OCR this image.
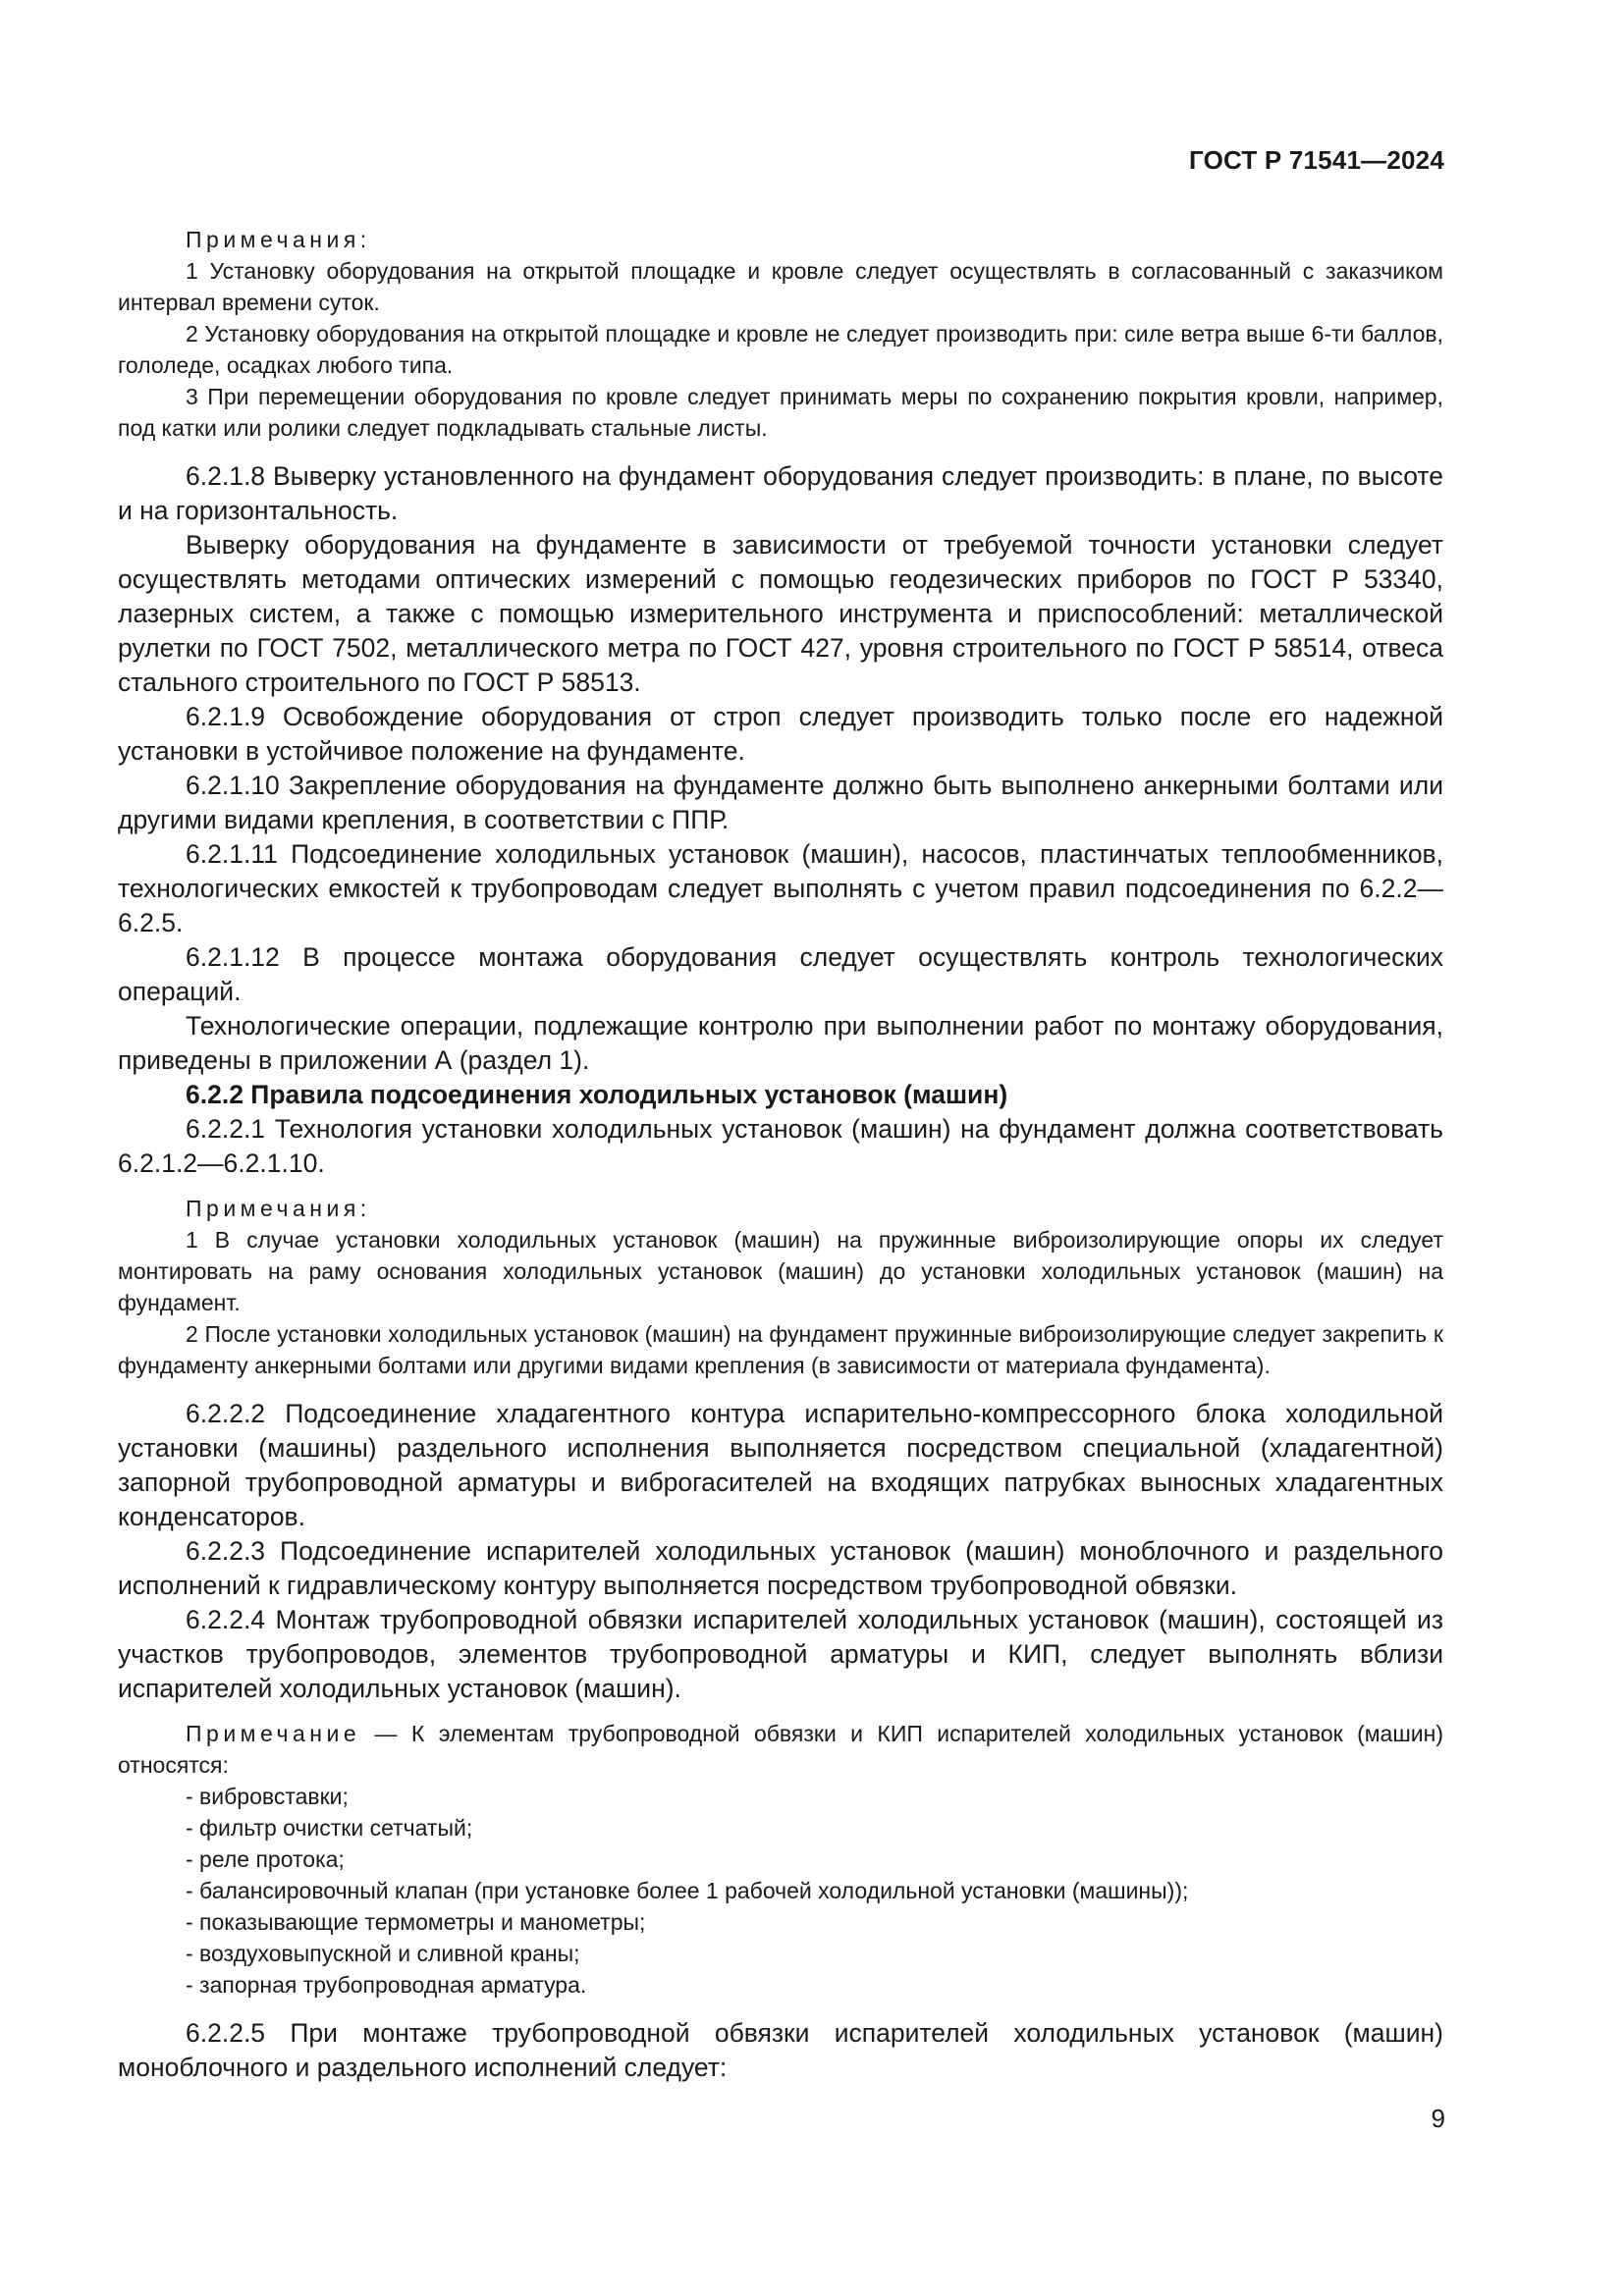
ГОСТ Р 71541—2024

Примечания:

1 Установку оборудования на открытой площадке и кровле следует осуществлять в согласованный с заказчиком интервал времени суток.

2 Установку оборудования на открытой площадке и кровле не следует производить при: силе ветра выше 6-ти баллов, гололеде, осадках любого типа.

3 При перемещении оборудования по кровле следует принимать меры по сохранению покрытия кровли, например, под катки или ролики следует подкладывать стальные листы.

6.2.1.8 Выверку установленного на фундамент оборудования следует производить: в плане, по высоте и на горизонтальность.

Выверку оборудования на фундаменте в зависимости от требуемой точности установки следует осуществлять методами оптических измерений с помощью геодезических приборов по ГОСТ Р 53340, лазерных систем, а также с помощью измерительного инструмента и приспособлений: металлической рулетки по ГОСТ 7502, металлического метра по ГОСТ 427, уровня строительного по ГОСТ Р 58514, отвеса стального строительного по ГОСТ Р 58513.

6.2.1.9 Освобождение оборудования от строп следует производить только после его надежной установки в устойчивое положение на фундаменте.

6.2.1.10 Закрепление оборудования на фундаменте должно быть выполнено анкерными болтами или другими видами крепления, в соответствии с ППР.

6.2.1.11 Подсоединение холодильных установок (машин), насосов, пластинчатых теплообменников, технологических емкостей к трубопроводам следует выполнять с учетом правил подсоединения по 6.2.2—6.2.5.

6.2.1.12 В процессе монтажа оборудования следует осуществлять контроль технологических операций.

Технологические операции, подлежащие контролю при выполнении работ по монтажу оборудования, приведены в приложении А (раздел 1).

6.2.2 Правила подсоединения холодильных установок (машин)

6.2.2.1 Технология установки холодильных установок (машин) на фундамент должна соответствовать 6.2.1.2—6.2.1.10.

Примечания:

1 В случае установки холодильных установок (машин) на пружинные виброизолирующие опоры их следует монтировать на раму основания холодильных установок (машин) до установки холодильных установок (машин) на фундамент.

2 После установки холодильных установок (машин) на фундамент пружинные виброизолирующие следует закрепить к фундаменту анкерными болтами или другими видами крепления (в зависимости от материала фундамента).

6.2.2.2 Подсоединение хладагентного контура испарительно-компрессорного блока холодильной установки (машины) раздельного исполнения выполняется посредством специальной (хладагентной) запорной трубопроводной арматуры и виброгасителей на входящих патрубках выносных хладагентных конденсаторов.

6.2.2.3 Подсоединение испарителей холодильных установок (машин) моноблочного и раздельного исполнений к гидравлическому контуру выполняется посредством трубопроводной обвязки.

6.2.2.4 Монтаж трубопроводной обвязки испарителей холодильных установок (машин), состоящей из участков трубопроводов, элементов трубопроводной арматуры и КИП, следует выполнять вблизи испарителей холодильных установок (машин).

Примечание — К элементам трубопроводной обвязки и КИП испарителей холодильных установок (машин) относятся:

- вибровставки;
- фильтр очистки сетчатый;
- реле протока;
- балансировочный клапан (при установке более 1 рабочей холодильной установки (машины));
- показывающие термометры и манометры;
- воздуховыпускной и сливной краны;
- запорная трубопроводная арматура.

6.2.2.5 При монтаже трубопроводной обвязки испарителей холодильных установок (машин) моноблочного и раздельного исполнений следует:

9
